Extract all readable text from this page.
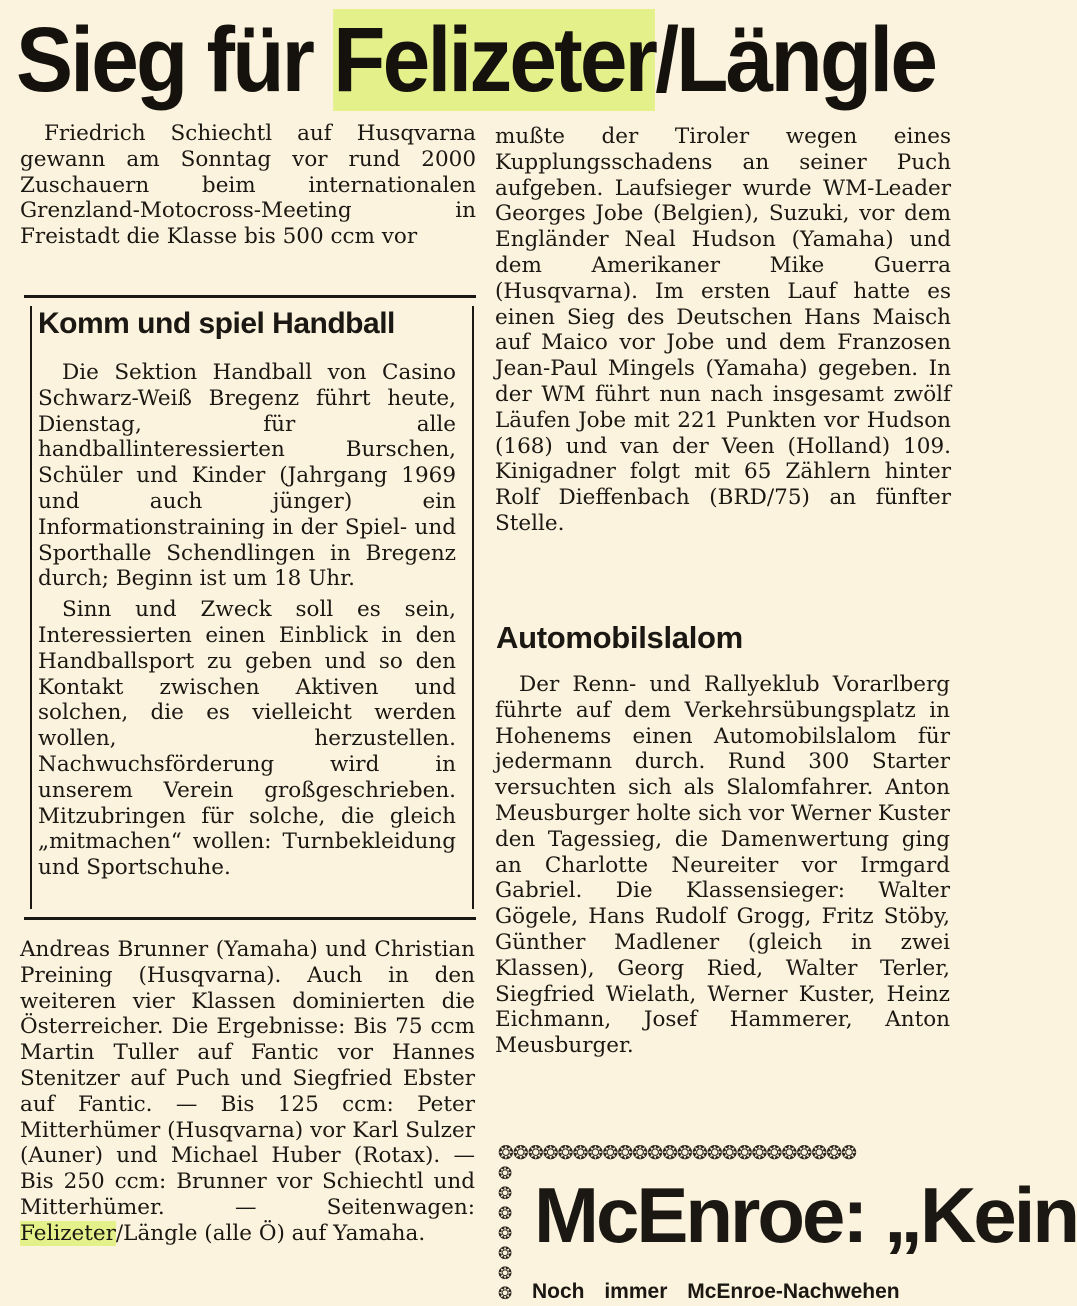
Sieg für Felizeter/Längle

Friedrich Schiechtl auf Husqvarna gewann am Sonntag vor rund 2000 Zuschauern beim internationalen Grenzland-Motocross-Meeting in Freistadt die Klasse bis 500 ccm vor

Komm und spiel Handball

Die Sektion Handball von Casino Schwarz-Weiß Bregenz führt heute, Dienstag, für alle handballinteressierten Burschen, Schüler und Kinder (Jahrgang 1969 und auch jünger) ein Informationstraining in der Spiel- und Sporthalle Schendlingen in Bregenz durch; Beginn ist um 18 Uhr.

Sinn und Zweck soll es sein, Interessierten einen Einblick in den Handballsport zu geben und so den Kontakt zwischen Aktiven und solchen, die es vielleicht werden wollen, herzustellen. Nachwuchsförderung wird in unserem Verein großgeschrieben. Mitzubringen für solche, die gleich „mitmachen“ wollen: Turnbekleidung und Sportschuhe.

Andreas Brunner (Yamaha) und Christian Preining (Husqvarna). Auch in den weiteren vier Klassen dominierten die Österreicher. Die Ergebnisse: Bis 75 ccm Martin Tuller auf Fantic vor Hannes Stenitzer auf Puch und Siegfried Ebster auf Fantic. — Bis 125 ccm: Peter Mitterhümer (Husqvarna) vor Karl Sulzer (Auner) und Michael Huber (Rotax). — Bis 250 ccm: Brunner vor Schiechtl und Mitterhümer. — Seitenwagen: Felizeter/Längle (alle Ö) auf Yamaha.

mußte der Tiroler wegen eines Kupplungsschadens an seiner Puch aufgeben. Laufsieger wurde WM-Leader Georges Jobe (Belgien), Suzuki, vor dem Engländer Neal Hudson (Yamaha) und dem Amerikaner Mike Guerra (Husqvarna). Im ersten Lauf hatte es einen Sieg des Deutschen Hans Maisch auf Maico vor Jobe und dem Franzosen Jean-Paul Mingels (Yamaha) gegeben. In der WM führt nun nach insgesamt zwölf Läufen Jobe mit 221 Punkten vor Hudson (168) und van der Veen (Holland) 109. Kinigadner folgt mit 65 Zählern hinter Rolf Dieffenbach (BRD/75) an fünfter Stelle.

Automobilslalom

Der Renn- und Rallyeklub Vorarlberg führte auf dem Verkehrsübungsplatz in Hohenems einen Automobilslalom für jedermann durch. Rund 300 Starter versuchten sich als Slalomfahrer. Anton Meusburger holte sich vor Werner Kuster den Tagessieg, die Damenwertung ging an Charlotte Neureiter vor Irmgard Gabriel. Die Klassensieger: Walter Gögele, Hans Rudolf Grogg, Fritz Stöby, Günther Madlener (gleich in zwei Klassen), Georg Ried, Walter Terler, Siegfried Wielath, Werner Kuster, Heinz Eichmann, Josef Hammerer, Anton Meusburger.

❂❂❂❂❂❂❂❂❂❂❂❂❂❂❂❂❂❂❂❂❂❂❂❂
❂
❂
❂
❂
❂
❂
❂
McEnroe: „Kein
Noch immer McEnroe-Nachwehen
